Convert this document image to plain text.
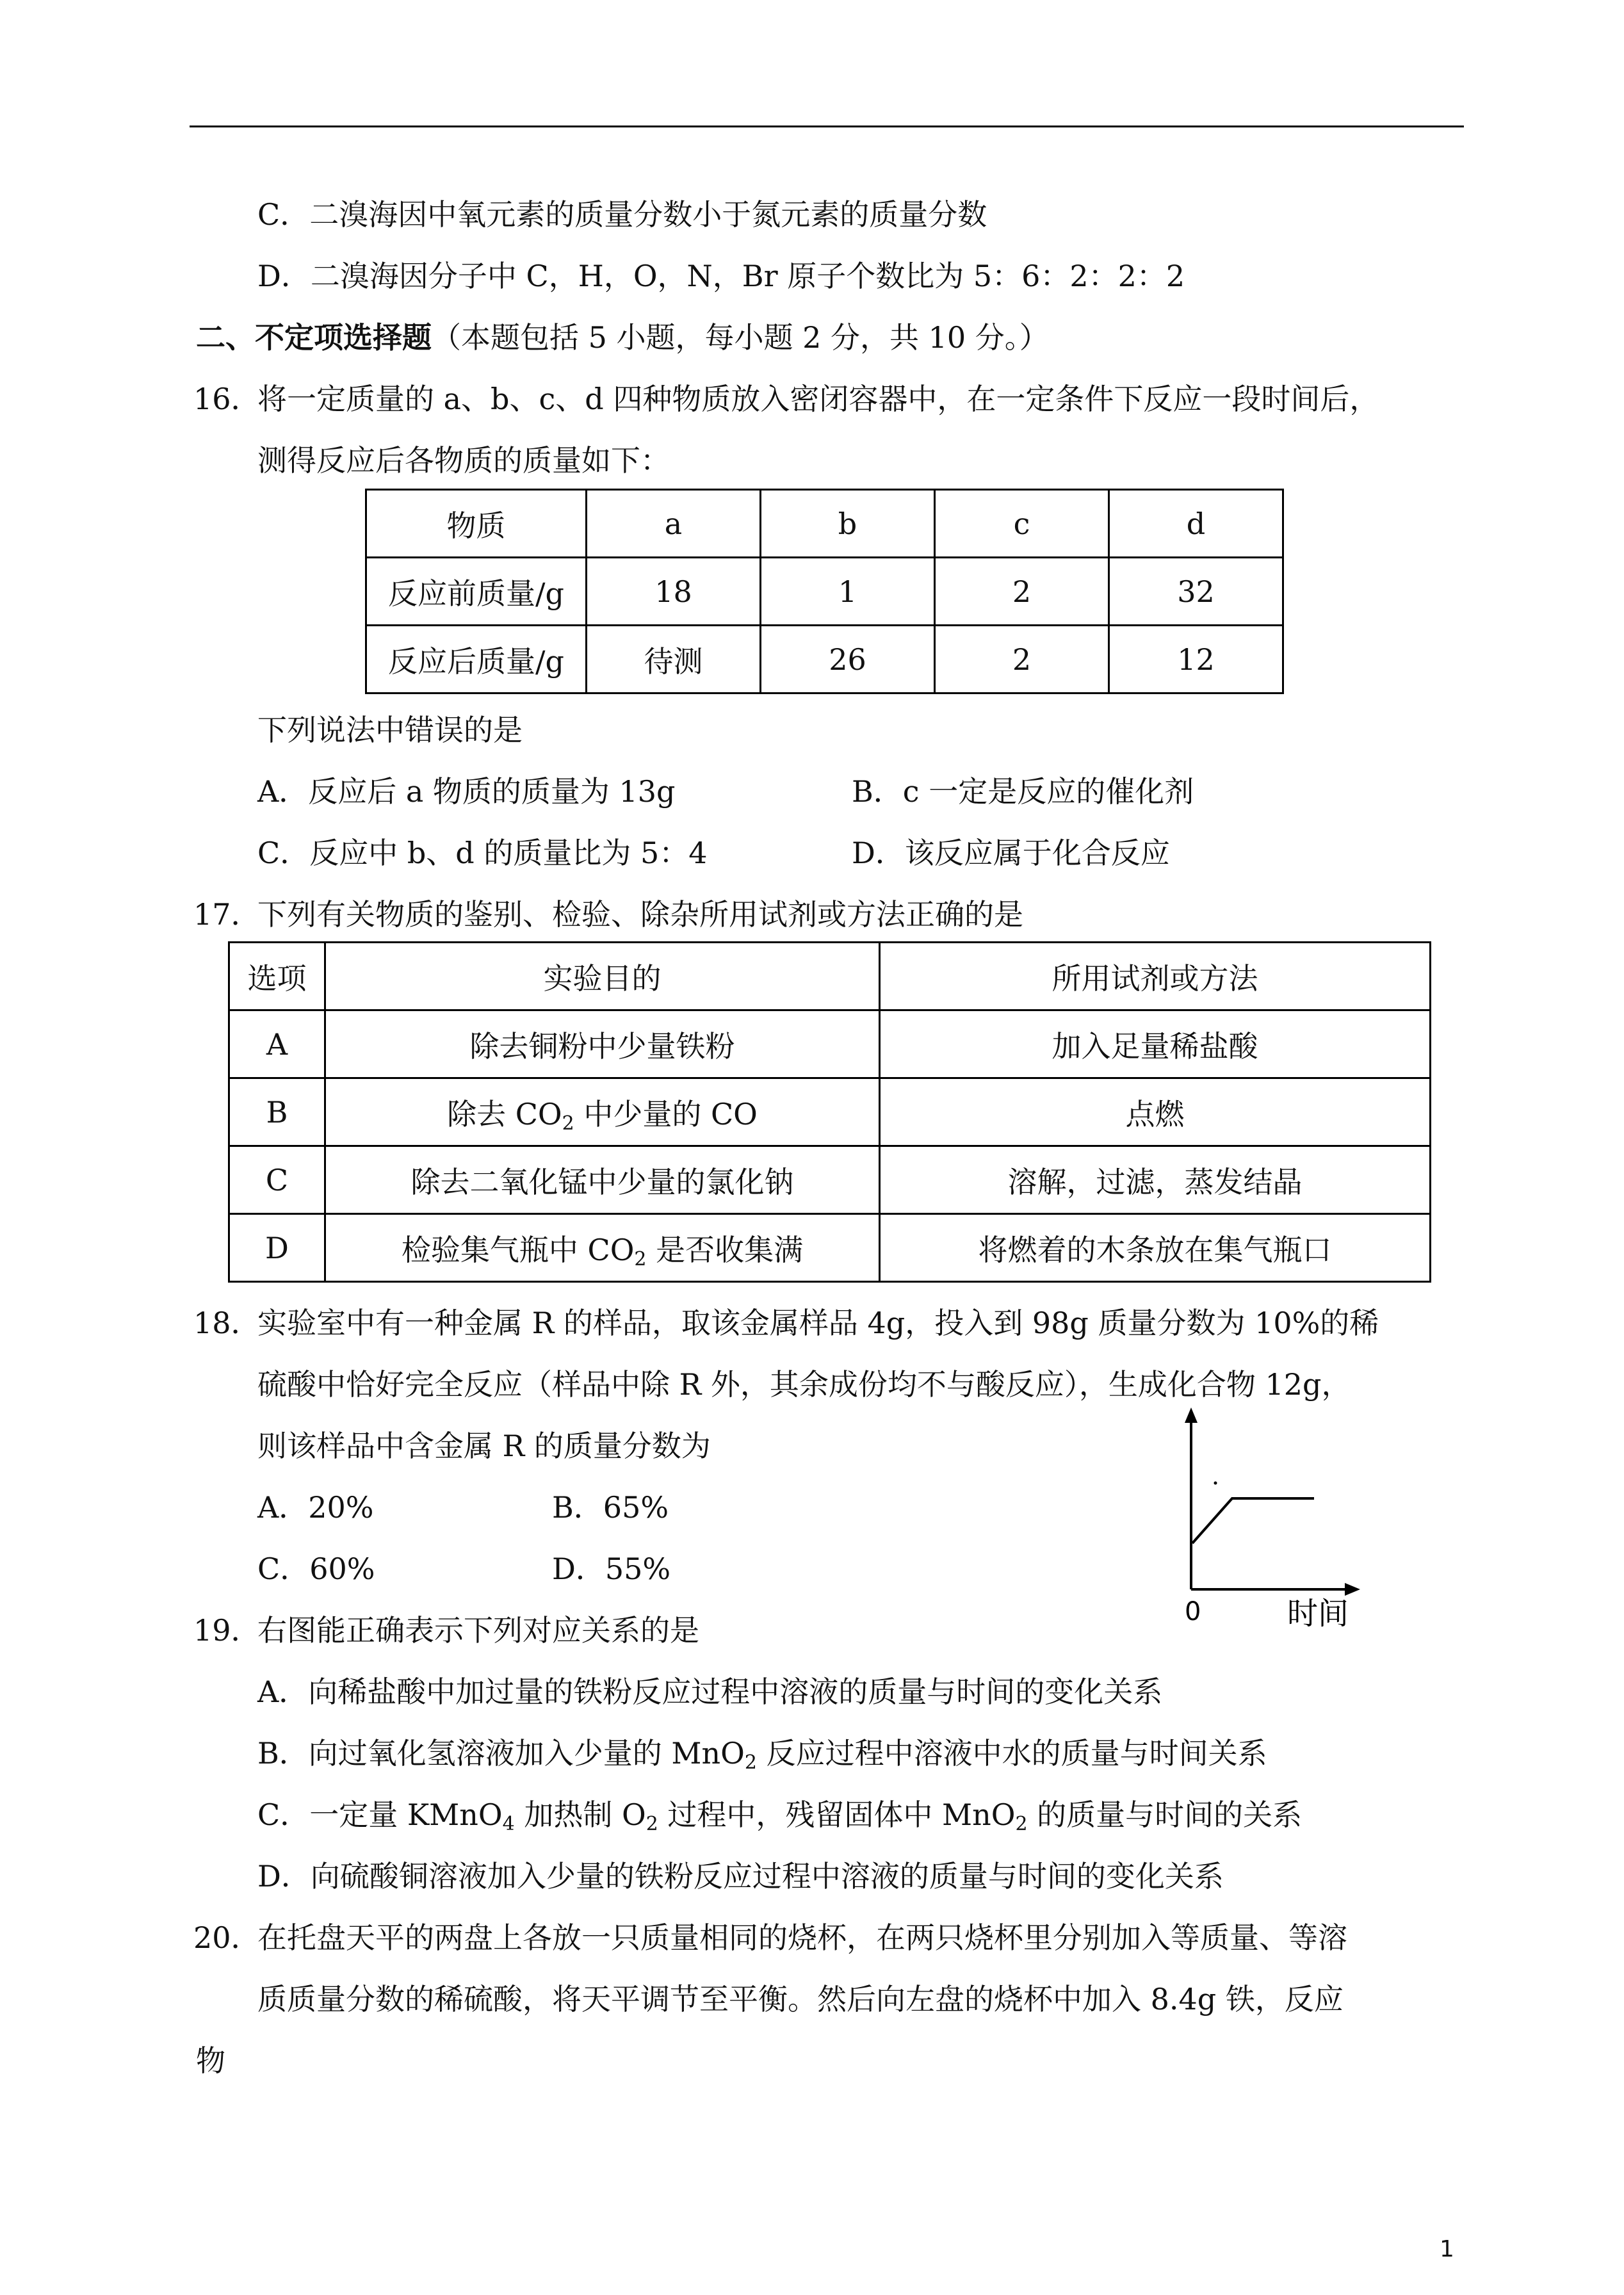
C．二溴海因中氧元素的质量分数小于氮元素的质量分数
D．二溴海因分子中 C，H，O，N，Br 原子个数比为 5：6：2：2：2
二、不定项选择题（本题包括 5 小题，每小题 2 分，共 10 分。）
16．
将一定质量的 a、b、c、d 四种物质放入密闭容器中，在一定条件下反应一段时间后，
测得反应后各物质的质量如下：
物质	a	b	c	d
反应前质量/g	18	1	2	32
反应后质量/g	待测	26	2	12
下列说法中错误的是
A．反应后 a 物质的质量为 13g	B．c 一定是反应的催化剂
C．反应中 b、d 的质量比为 5：4	D．该反应属于化合反应
17．
下列有关物质的鉴别、检验、除杂所用试剂或方法正确的是
选项	实验目的	所用试剂或方法
A	除去铜粉中少量铁粉	加入足量稀盐酸
B	除去 $CO_2$ 中少量的 CO	点燃
C	除去二氧化锰中少量的氯化钠	溶解，过滤，蒸发结晶
D	检验集气瓶中 $CO_2$ 是否收集满	将燃着的木条放在集气瓶口
18．
实验室中有一种金属 R 的样品，取该金属样品 4g，投入到 98g 质量分数为 10%的稀
硫酸中恰好完全反应（样品中除 R 外，其余成份均不与酸反应），生成化合物 12g，
则该样品中含金属 R 的质量分数为
A．20%	B．65%
C．60%	D．55%
0	时间
19．
右图能正确表示下列对应关系的是
A．向稀盐酸中加过量的铁粉反应过程中溶液的质量与时间的变化关系
B．向过氧化氢溶液加入少量的 MnO$_2$ 反应过程中溶液中水的质量与时间关系
C．一定量 KMnO$_4$ 加热制 $O_2$ 过程中，残留固体中 MnO$_2$ 的质量与时间的关系
D．向硫酸铜溶液加入少量的铁粉反应过程中溶液的质量与时间的变化关系
20．
在托盘天平的两盘上各放一只质量相同的烧杯，在两只烧杯里分别加入等质量、等溶
质质量分数的稀硫酸，将天平调节至平衡。然后向左盘的烧杯中加入 8.4g 铁，反应
物
1
